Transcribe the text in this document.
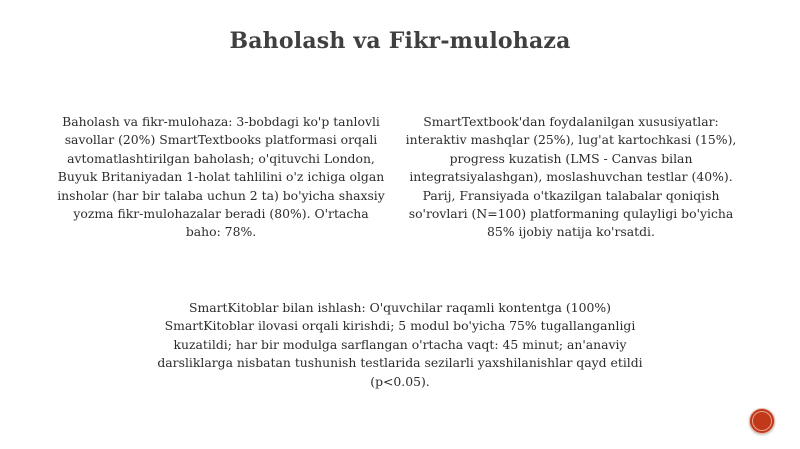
Baholash va Fikr-mulohaza
Baholash va fikr-mulohaza: 3-bobdagi ko'p tanlovli savollar (20%) SmartTextbooks platformasi orqali avtomatlashtirilgan baholash; o'qituvchi London, Buyuk Britaniyadan 1-holat tahlilini o'z ichiga olgan insholar (har bir talaba uchun 2 ta) bo'yicha shaxsiy yozma fikr-mulohazalar beradi (80%). O'rtacha baho: 78%.
SmartTextbook'dan foydalanilgan xususiyatlar: interaktiv mashqlar (25%), lug'at kartochkasi (15%), progress kuzatish (LMS - Canvas bilan integratsiyalashgan), moslashuvchan testlar (40%). Parij, Fransiyada o'tkazilgan talabalar qoniqish so'rovlari (N=100) platformaning qulayligi bo'yicha 85% ijobiy natija ko'rsatdi.
SmartKitoblar bilan ishlash: O'quvchilar raqamli kontentga (100%) SmartKitoblar ilovasi orqali kirishdi; 5 modul bo'yicha 75% tugallanganligi kuzatildi; har bir modulga sarflangan o'rtacha vaqt: 45 minut; an'anaviy darsliklarga nisbatan tushunish testlarida sezilarli yaxshilanishlar qayd etildi (p<0.05).
